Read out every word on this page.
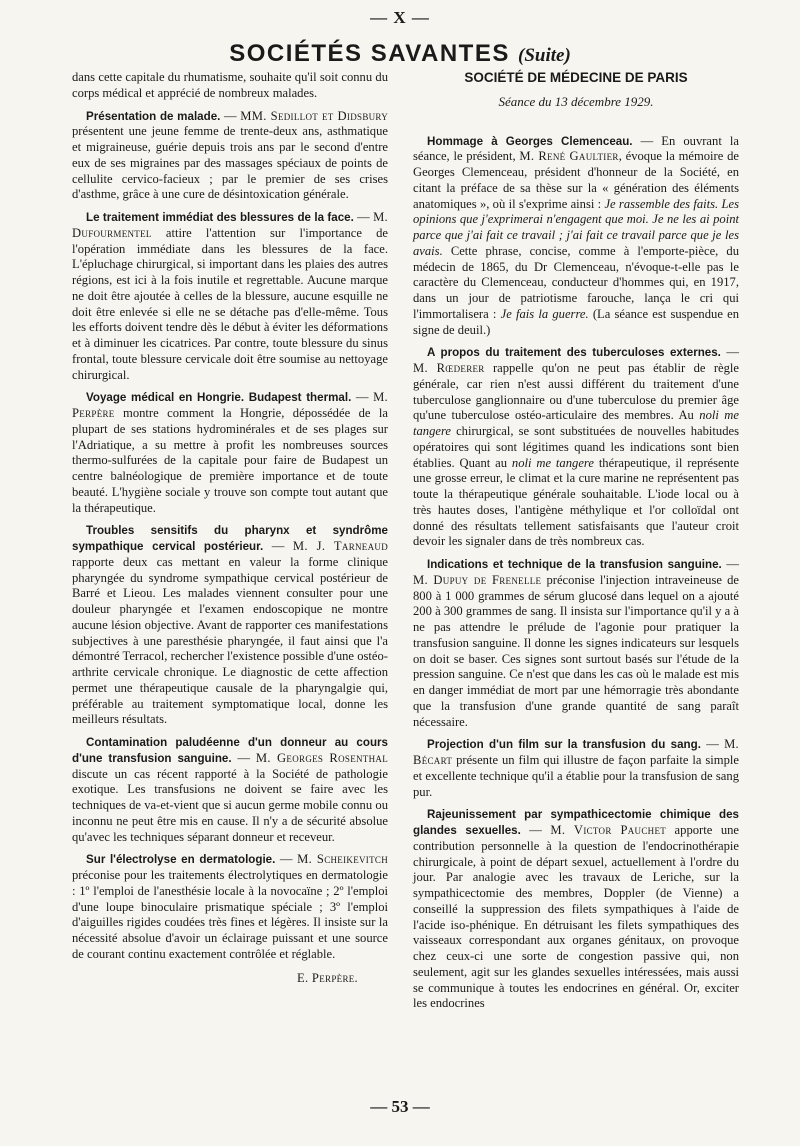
— X —
SOCIÉTÉS SAVANTES (Suite)

dans cette capitale du rhumatisme, souhaite qu'il soit connu du corps médical et apprécié de nombreux malades.

Présentation de malade. — MM. Sedillot et Didsbury présentent une jeune femme de trente-deux ans, asthmatique et migraineuse, guérie depuis trois ans par le second d'entre eux de ses migraines par des massages spéciaux de points de cellulite cervico-facieux ; par le premier de ses crises d'asthme, grâce à une cure de désintoxication générale.

Le traitement immédiat des blessures de la face. — M. Dufourmentel attire l'attention sur l'importance de l'opération immédiate dans les blessures de la face. L'épluchage chirurgical, si important dans les plaies des autres régions, est ici à la fois inutile et regrettable. Aucune marque ne doit être ajoutée à celles de la blessure, aucune esquille ne doit être enlevée si elle ne se détache pas d'elle-même. Tous les efforts doivent tendre dès le début à éviter les déformations et à diminuer les cicatrices. Par contre, toute blessure du sinus frontal, toute blessure cervicale doit être soumise au nettoyage chirurgical.

Voyage médical en Hongrie. Budapest thermal. — M. Perpère montre comment la Hongrie, dépossédée de la plupart de ses stations hydrominérales et de ses plages sur l'Adriatique, a su mettre à profit les nombreuses sources thermo-sulfurées de la capitale pour faire de Budapest un centre balnéologique de première importance et de toute beauté. L'hygiène sociale y trouve son compte tout autant que la thérapeutique.

Troubles sensitifs du pharynx et syndrôme sympathique cervical postérieur. — M. J. Tarneaud rapporte deux cas mettant en valeur la forme clinique pharyngée du syndrome sympathique cervical postérieur de Barré et Lieou. Les malades viennent consulter pour une douleur pharyngée et l'examen endoscopique ne montre aucune lésion objective. Avant de rapporter ces manifestations subjectives à une paresthésie pharyngée, il faut ainsi que l'a démontré Terracol, rechercher l'existence possible d'une ostéo-arthrite cervicale chronique. Le diagnostic de cette affection permet une thérapeutique causale de la pharyngalgie qui, préférable au traitement symptomatique local, donne les meilleurs résultats.

Contamination paludéenne d'un donneur au cours d'une transfusion sanguine. — M. Georges Rosenthal discute un cas récent rapporté à la Société de pathologie exotique. Les transfusions ne doivent se faire avec les techniques de va-et-vient que si aucun germe mobile connu ou inconnu ne peut être mis en cause. Il n'y a de sécurité absolue qu'avec les techniques séparant donneur et receveur.

Sur l'électrolyse en dermatologie. — M. Scheikevitch préconise pour les traitements électrolytiques en dermatologie : 1º l'emploi de l'anesthésie locale à la novocaïne ; 2º l'emploi d'une loupe binoculaire prismatique spéciale ; 3º l'emploi d'aiguilles rigides coudées très fines et légères. Il insiste sur la nécessité absolue d'avoir un éclairage puissant et une source de courant continu exactement contrôlée et réglable.

E. Perpère.
SOCIÉTÉ DE MÉDECINE DE PARIS
Séance du 13 décembre 1929.

Hommage à Georges Clemenceau. — En ouvrant la séance, le président, M. René Gaultier, évoque la mémoire de Georges Clemenceau, président d'honneur de la Société, en citant la préface de sa thèse sur la « génération des éléments anatomiques », où il s'exprime ainsi : Je rassemble des faits. Les opinions que j'exprimerai n'engagent que moi. Je ne les ai point parce que j'ai fait ce travail ; j'ai fait ce travail parce que je les avais. Cette phrase, concise, comme à l'emporte-pièce, du médecin de 1865, du Dr Clemenceau, n'évoque-t-elle pas le caractère du Clemenceau, conducteur d'hommes qui, en 1917, dans un jour de patriotisme farouche, lança le cri qui l'immortalisera : Je fais la guerre. (La séance est suspendue en signe de deuil.)

A propos du traitement des tuberculoses externes. — M. Rœderer rappelle qu'on ne peut pas établir de règle générale, car rien n'est aussi différent du traitement d'une tuberculose ganglionnaire ou d'une tuberculose du premier âge qu'une tuberculose ostéo-articulaire des membres. Au noli me tangere chirurgical, se sont substituées de nouvelles habitudes opératoires qui sont légitimes quand les indications sont bien établies. Quant au noli me tangere thérapeutique, il représente une grosse erreur, le climat et la cure marine ne représentent pas toute la thérapeutique générale souhaitable. L'iode local ou à très hautes doses, l'antigène méthylique et l'or colloïdal ont donné des résultats tellement satisfaisants que l'auteur croit devoir les signaler dans de très nombreux cas.

Indications et technique de la transfusion sanguine. — M. Dupuy de Frenelle préconise l'injection intraveineuse de 800 à 1 000 grammes de sérum glucosé dans lequel on a ajouté 200 à 300 grammes de sang. Il insista sur l'importance qu'il y a à ne pas attendre le prélude de l'agonie pour pratiquer la transfusion sanguine. Il donne les signes indicateurs sur lesquels on doit se baser. Ces signes sont surtout basés sur l'étude de la pression sanguine. Ce n'est que dans les cas où le malade est mis en danger immédiat de mort par une hémorragie très abondante que la transfusion d'une grande quantité de sang paraît nécessaire.

Projection d'un film sur la transfusion du sang. — M. Bécart présente un film qui illustre de façon parfaite la simple et excellente technique qu'il a établie pour la transfusion de sang pur.

Rajeunissement par sympathicectomie chimique des glandes sexuelles. — M. Victor Pauchet apporte une contribution personnelle à la question de l'endocrinothérapie chirurgicale, à point de départ sexuel, actuellement à l'ordre du jour. Par analogie avec les travaux de Leriche, sur la sympathicectomie des membres, Doppler (de Vienne) a conseillé la suppression des filets sympathiques à l'aide de l'acide iso-phénique. En détruisant les filets sympathiques des vaisseaux correspondant aux organes génitaux, on provoque chez ceux-ci une sorte de congestion passive qui, non seulement, agit sur les glandes sexuelles intéressées, mais aussi se communique à toutes les endocrines en général. Or, exciter les endocrines

— 53 —
